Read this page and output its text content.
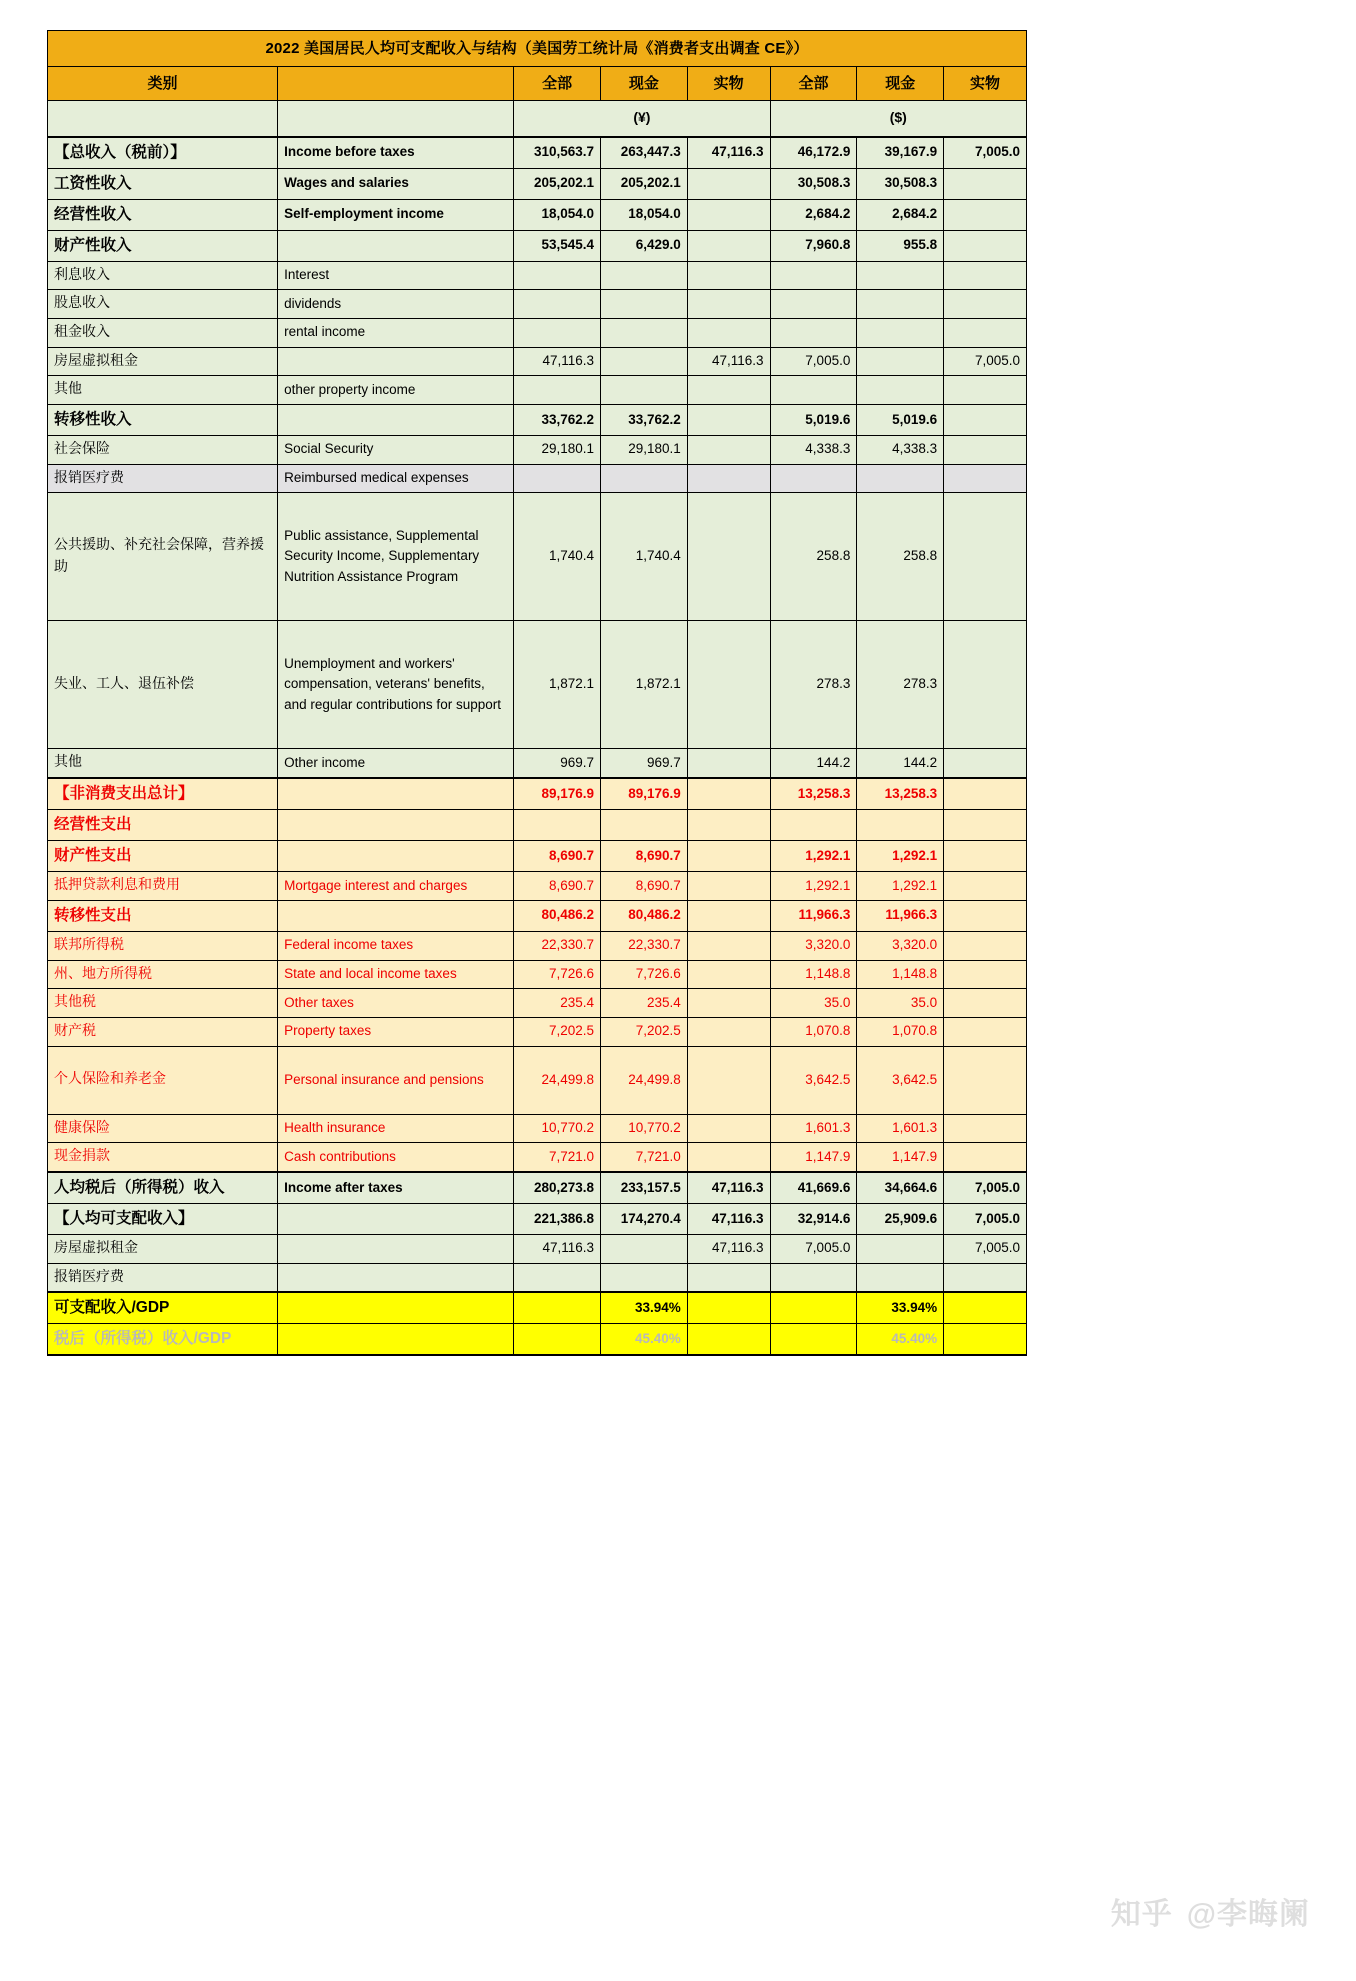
2022 美国居民人均可支配收入与结构（美国劳工统计局《消费者支出调查 CE》）							
类别		全部	现金	实物	全部	现金	实物
		(¥)			($)		
【总收入（税前）】	Income before taxes	310,563.7	263,447.3	47,116.3	46,172.9	39,167.9	7,005.0
工资性收入	Wages and salaries	205,202.1	205,202.1		30,508.3	30,508.3	
经营性收入	Self-employment income	18,054.0	18,054.0		2,684.2	2,684.2	
财产性收入		53,545.4	6,429.0		7,960.8	955.8	
利息收入	Interest						
股息收入	dividends						
租金收入	rental income						
房屋虚拟租金		47,116.3		47,116.3	7,005.0		7,005.0
其他	other property income						
转移性收入		33,762.2	33,762.2		5,019.6	5,019.6	
社会保险	Social Security	29,180.1	29,180.1		4,338.3	4,338.3	
报销医疗费	Reimbursed medical expenses						
公共援助、补充社会保障，营养援助	Public assistance, Supplemental Security Income, Supplementary Nutrition Assistance Program	1,740.4	1,740.4		258.8	258.8	
失业、工人、退伍补偿	Unemployment and workers' compensation, veterans' benefits, and regular contributions for support	1,872.1	1,872.1		278.3	278.3	
其他	Other income	969.7	969.7		144.2	144.2	
【非消费支出总计】		89,176.9	89,176.9		13,258.3	13,258.3	
经营性支出							
财产性支出		8,690.7	8,690.7		1,292.1	1,292.1	
抵押贷款利息和费用	Mortgage interest and charges	8,690.7	8,690.7		1,292.1	1,292.1	
转移性支出		80,486.2	80,486.2		11,966.3	11,966.3	
联邦所得税	Federal income taxes	22,330.7	22,330.7		3,320.0	3,320.0	
州、地方所得税	State and local income taxes	7,726.6	7,726.6		1,148.8	1,148.8	
其他税	Other taxes	235.4	235.4		35.0	35.0	
财产税	Property taxes	7,202.5	7,202.5		1,070.8	1,070.8	
个人保险和养老金	Personal insurance and pensions	24,499.8	24,499.8		3,642.5	3,642.5	
健康保险	Health insurance	10,770.2	10,770.2		1,601.3	1,601.3	
现金捐款	Cash contributions	7,721.0	7,721.0		1,147.9	1,147.9	
人均税后（所得税）收入	Income after taxes	280,273.8	233,157.5	47,116.3	41,669.6	34,664.6	7,005.0
【人均可支配收入】		221,386.8	174,270.4	47,116.3	32,914.6	25,909.6	7,005.0
房屋虚拟租金		47,116.3		47,116.3	7,005.0		7,005.0
报销医疗费							
可支配收入/GDP			33.94%			33.94%	
税后（所得税）收入/GDP			45.40%			45.40%	
知乎 @李晦阑
